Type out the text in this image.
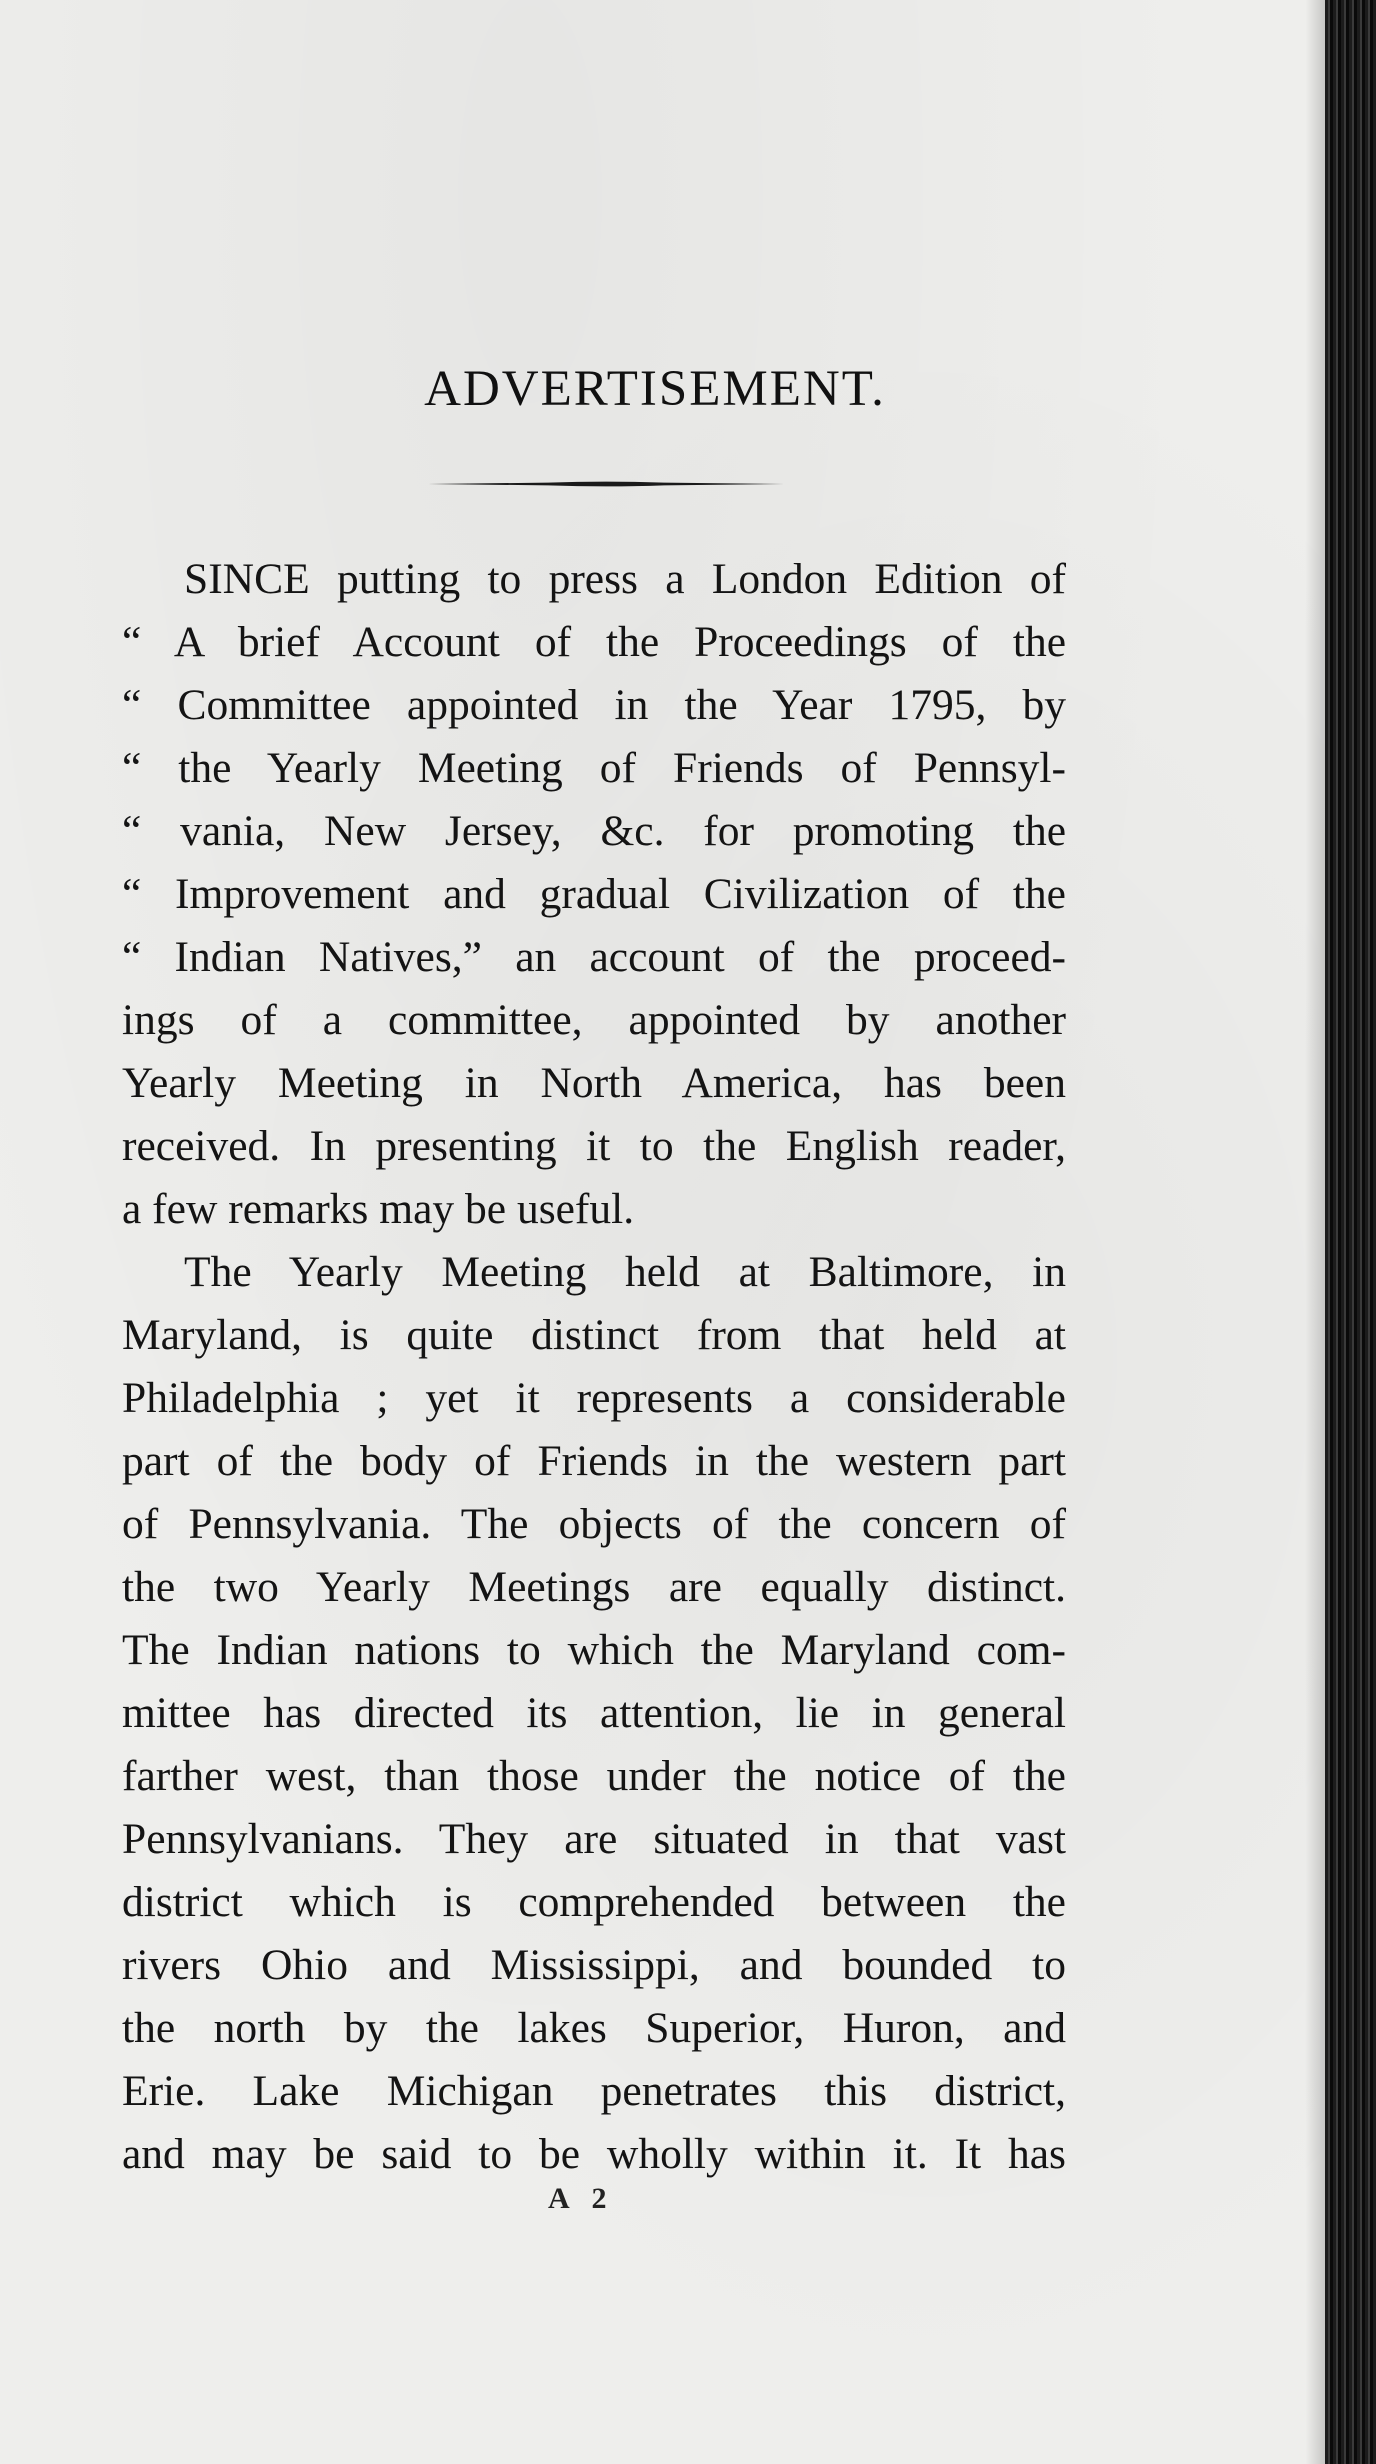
ADVERTISEMENT.
SINCE putting to press a London Edition of
“ A brief Account of the Proceedings of the
“ Committee appointed in the Year 1795, by
“ the Yearly Meeting of Friends of Pennsyl-
“ vania, New Jersey, &c. for promoting the
“ Improvement and gradual Civilization of the
“ Indian Natives,” an account of the proceed-
ings of a committee, appointed by another
Yearly Meeting in North America, has been
received. In presenting it to the English reader,
a few remarks may be useful.
The Yearly Meeting held at Baltimore, in
Maryland, is quite distinct from that held at
Philadelphia ; yet it represents a considerable
part of the body of Friends in the western part
of Pennsylvania. The objects of the concern of
the two Yearly Meetings are equally distinct.
The Indian nations to which the Maryland com-
mittee has directed its attention, lie in general
farther west, than those under the notice of the
Pennsylvanians. They are situated in that vast
district which is comprehended between the
rivers Ohio and Mississippi, and bounded to
the north by the lakes Superior, Huron, and
Erie. Lake Michigan penetrates this district,
and may be said to be wholly within it. It has
A 2
